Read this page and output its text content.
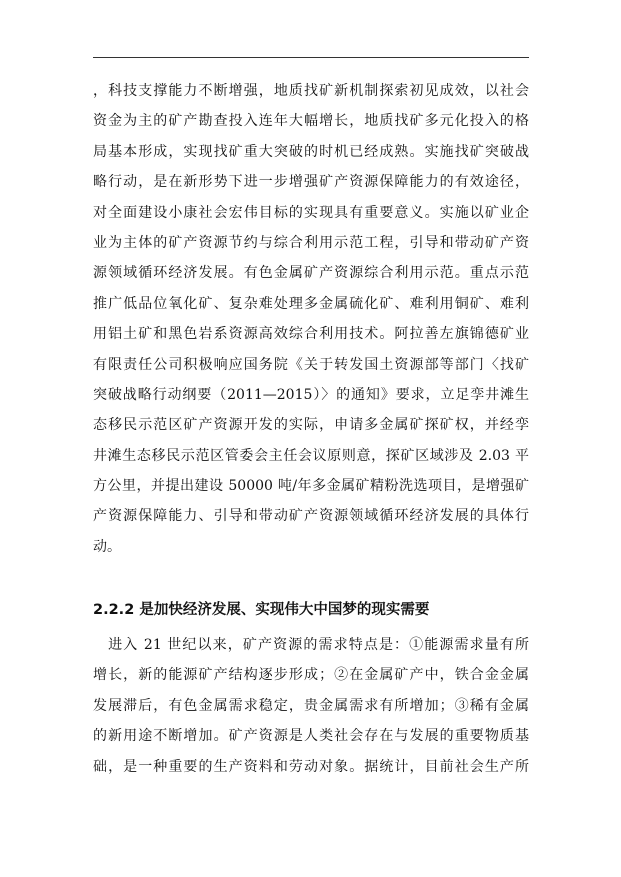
，科技支撑能力不断增强，地质找矿新机制探索初见成效，以社会
资金为主的矿产勘查投入连年大幅增长，地质找矿多元化投入的格
局基本形成，实现找矿重大突破的时机已经成熟。实施找矿突破战
略行动，是在新形势下进一步增强矿产资源保障能力的有效途径，
对全面建设小康社会宏伟目标的实现具有重要意义。实施以矿业企
业为主体的矿产资源节约与综合利用示范工程，引导和带动矿产资
源领域循环经济发展。有色金属矿产资源综合利用示范。重点示范
推广低品位氧化矿、复杂难处理多金属硫化矿、难利用铜矿、难利
用铝土矿和黑色岩系资源高效综合利用技术。阿拉善左旗锦德矿业
有限责任公司积极响应国务院《关于转发国土资源部等部门〈找矿
突破战略行动纲要（2011—2015）〉的通知》要求，立足孪井滩生
态移民示范区矿产资源开发的实际，申请多金属矿探矿权，并经孪
井滩生态移民示范区管委会主任会议原则意，探矿区域涉及 2.03 平
方公里，并提出建设 50000 吨/年多金属矿精粉洗选项目，是增强矿
产资源保障能力、引导和带动矿产资源领域循环经济发展的具体行
动。
2.2.2 是加快经济发展、实现伟大中国梦的现实需要
　进入 21 世纪以来，矿产资源的需求特点是：①能源需求量有所
增长，新的能源矿产结构逐步形成；②在金属矿产中，铁合金金属
发展滞后，有色金属需求稳定，贵金属需求有所增加；③稀有金属
的新用途不断增加。矿产资源是人类社会存在与发展的重要物质基
础，是一种重要的生产资料和劳动对象。据统计，目前社会生产所
